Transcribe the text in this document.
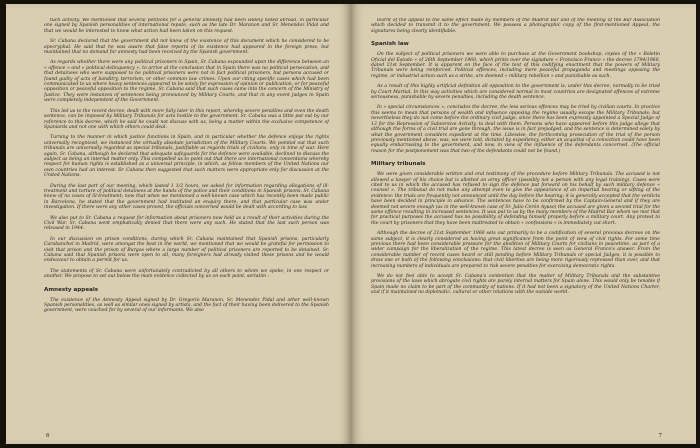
tuch activity. We mentioned that several petitions for a general amnesty had been widely noted abroad, in particular one signed by Spanish personalities of international repute, such as the late Dr. Maranon and Sr. Menendez Pidal and that we would be interested to know what action had been taken on this request.
Sr. Cabana declared that the government did not know of the existence of this document which he considered to be apocryphal. He said that he was aware that false reports of its existence had appeared in the foreign press, but maintained that no demand for amnesty had been received by the Spanish government.
As regards whether there were any political prisoners in Spain, Sr. Cabana expounded upon the difference between an « offence » and « political delinquency », to arrive at the conclusion that in Spain there was no political persecution, and that detainees who were supposed to be political prisoners were not in fact political prisoners, but persons accused or found guilty of acts of banditry, terrorism, or other common law crimes. Upon our citing specific cases which had been communicated to us where heavy sentences appeared to be solely for expression of opinion or publication, or for peaceful opposition or peaceful opposition to the regime, Sr. Cabana said that such cases came into the concern of the Ministry of Justice. They were instances of sentences being pronounced by Military Courts, and that in any event judges in Spain were completely independent of the Government.
This led us to the recent decree, dealt with more fully later in this report, whereby severe penalties and even the death sentence, can be imposed by Military Tribunals for acts hostile to the government. Sr. Cabana was a little put out by our reference to this decree, which he said he could not discuss with us, being a matter within the exclusive competence of Spaniards and not one with which others could deal.
Turning to the manner in which justice functions in Spain, and in particular whether the defence enjoys the rights universally recognized, we instanced the virtually absolute jurisdiction of the Military Courts. We pointed out that such tribunals are universally regarded as special tribunals, justifiable as regards trials of civilians, only in time of war. Here again, Sr. Cabana, although he declared that adequate safeguards for the defence were available, declined to discuss the subject as being an internal matter only. This compelled us to point out that there are international conventions whereby respect for human rights is established as a universal principle, in which, as fellow members of the United Nations our own countries had an interest. Sr. Cabana then suggested that such matters were appropriate only for discussion at the United Nations.
During the last part of our meeting, which lasted 1 1/2 hours, we asked for information regarding allegations of ill-treatment and torture of political detainees at the hands of the police and their conditions in Spanish prisons. Sr. Cabana knew of no cases of ill-treatment; now that when we mentioned a well-known case which has recently been made public in Barcelona, he stated that the government had instituted an enquiry there, and that particular case was under investigation. If there were any other cases proved, the officials concerned would be dealt with according to law.
We also put to Sr. Cabana a request for information about prisoners now held as a result of their activities during the Civil War. Sr. Cabana went emphatically denied that there were any such. He stated that the last such person was released in 1944.
In our discussion on prison conditions, during which Sr. Cabana maintained that Spanish prisons, particularly Carabanchel in Madrid, were amongst the best in the world, we mentioned that we would be grateful for permission to visit that prison and the prison of Burgos where a large number of political prisoners are reported to be detained. Sr. Cabana said that Spanish prisons were open to all, many foreigners had already visited these prisons and he would endeavour to obtain a permit for us.
The statements of Sr. Cabana were unfortunately contradicted by all others to whom we spoke, in one respect or another. We propose to set out below the main evidence collected by us on each point, seriatim :
Amnesty appeals
The existence of the Amnesty Appeal signed by Dr. Gregorio Maranon, Sr. Menendez Pidal and other well-known Spanish personalities, as well as similar ones signed by artists, and the fact of their having been delivered to the Spanish government, were vouched for by several of our informants. We also
6
learnt of the appeal to the same effect made by members of the Madrid Bar and of the meeting of the Bar Association which decided to transmit it to the government. We possess a photographic copy of the first-mentioned Appeal, the signatures being clearly identifiable.
Spanish law
On the subject of political prisoners we were able to purchase at the Government bookshop, copies of the « Boletin Oficial del Estado » of 26th September 1960, which prints over the signature « Francisco Franco » the decree 1794/1960, dated 21st September. It is apparent on the face of the text of this codifying enactment that the powers of Military Tribunals were being reinforced. Political offences, including mere peaceful propaganda and meetings opposing the regime, or industrial action such as a strike, are deemed « military rebellion » and punishable as such.
As a result of this highly artificial definition all opposition to the government is, under this decree, normally to be tried by Court Martial. In this way activities which are considered normal in most countries are designated offences of extreme seriousness, punishable by severe penalties, including the death sentence.
In « special circumstances », concludes the decree, the less serious offences may be tried by civilian courts. In practice this seems to mean that persons of wealth and influence opposing the regime usually escape the Military Tribunals; but nevertheless they do not come before the ordinary civil judge, since there has been expressly appointed a Special Judge of 13 for the Repression of Subversive Activity, to deal with them. Persons who have appeared before this judge allege that although the forms of a civil trial are gone through, the issue is in fact prejudged, and the sentence is determined solely by what the government considers expedient at the time. Likewise, the forthcoming prosecution of the trial of the person previously mentioned above, was, we were told, dictated by expediency, either an acquittal of a conviction could have been equally embarrassing to the government, and now, in view of the influence of the defendants concerned. (The official reason for the postponement was that two of the defendants could not be found.)
Military tribunals
We were given considerable written and oral testimony of the procedure before Military Tribunals. The accused is not allowed a lawyer of his choice but is allotted an army officer (possibly not a person with any legal training). Cases were cited to us in which the accused has refused to sign the defence put forward on his behalf by such military defence « counsel ». The tribunal do not make any attempt even to give the appearance of an impartial hearing or sifting of the evidence: the trials are frequently not announced until the day before the hearing; it is generally accepted that the verdicts have been decided in principle in advance. The sentences have to be confirmed by the Captain-General and if they are deemed not severe enough (as in the well-known case of Sr. Julio Cerón Ayuso) the accused are given a second trial for the same offence resulting in increased sentences. It was put to us by the many members of the Madrid Bar whom we met that for practical purposes the accused has no possibility of defending himself properly before a military court. Any protest to the court by prisoners that they have been maltreated to obtain « confessions » is immediately cut short.
Although the decree of 21st September 1960 sets out primarily to be a codification of several previous decrees on the same subject, it is clearly considered as having great significance from the point of view of civil rights. For some time previous there had been considerable pressure for the abolition of Military Courts for civilians in peacetime, as part of a wider campaign for the liberalization of the regime. This latest decree is seen as General Franco's answer. From the considerable number of recent cases heard or still pending before Military Tribunals or special Judges, it is possible to draw one or both of the following conclusions: that civil liberties are being more rigorously repressed than ever, and that increasing numbers of individuals are prepared to risk severe penalties for exercising democratic rights.
We do not feel able to accept Sr. Cabana's contention that the matter of Military Tribunals and the substantive provisions of the laws which abrogate civil rights are purely internal matters for Spain alone. This would only be tenable if Spain made no claim to be part of the community of nations. If it had not been a signatory of the United Nations Charter, and if it maintained no diplomatic, cultural or other relations with the outside world.
7
